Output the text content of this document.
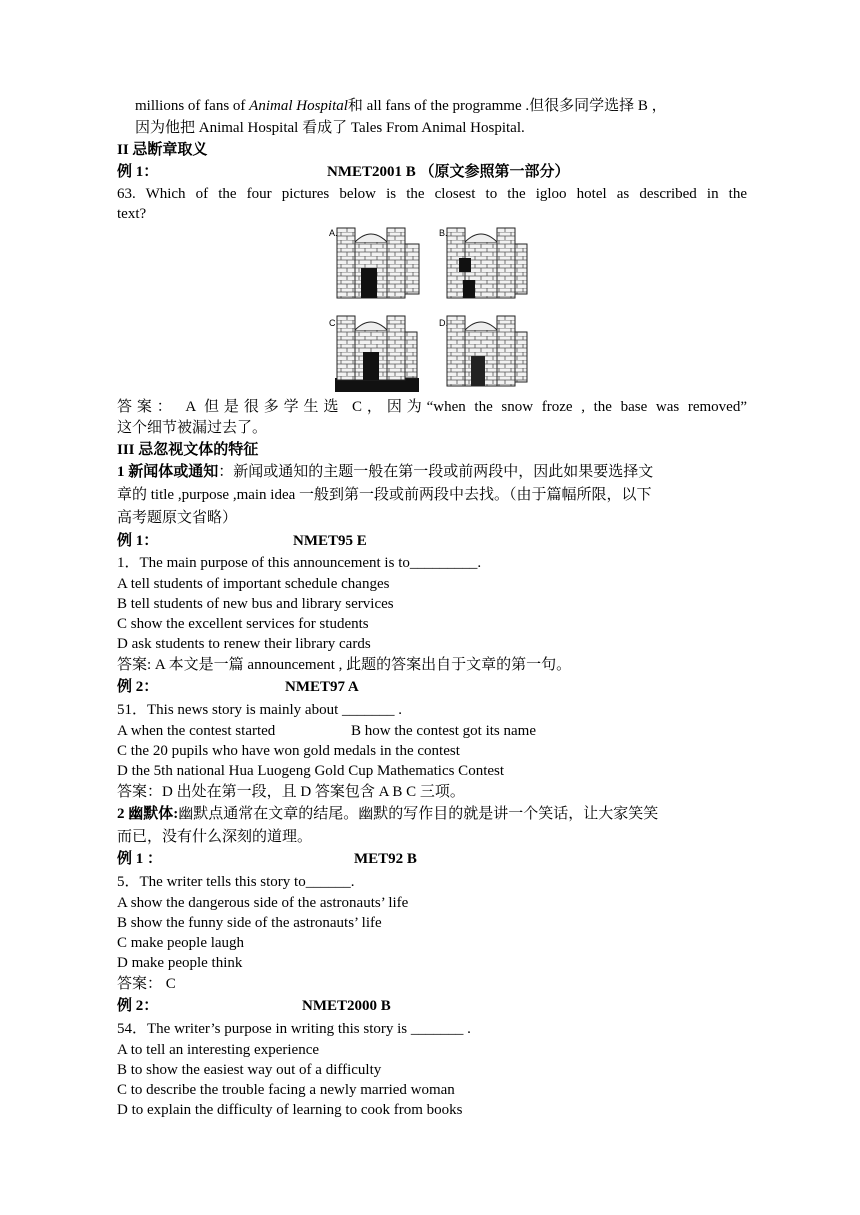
millions of fans of Animal Hospital和 all fans of the programme .但很多同学选择 B ，
因为他把 Animal Hospital 看成了 Tales From Animal Hospital.
II 忌断章取义
例 1：	NMET2001 B （原文参照第一部分）
63. Which of the four pictures below is the closest to the igloo hotel as described in the
text?
A.	B.
C	D.
答案： A 但是很多学生选 C，因为“when the snow froze , the base was removed”
这个细节被漏过去了。
III 忌忽视文体的特征
1 新闻体或通知：新闻或通知的主题一般在第一段或前两段中，因此如果要选择文
章的 title ,purpose ,main idea 一般到第一段或前两段中去找。（由于篇幅所限，以下
高考题原文省略）
例 1：	NMET95 E
1．The main purpose of this announcement is to_________.
A tell students of important schedule changes
B tell students of new bus and library services
C show the excellent services for students
D ask students to renew their library cards
答案: A 本文是一篇 announcement , 此题的答案出自于文章的第一句。
例 2：	NMET97 A
51．This news story is mainly about _______ .
A when the contest started	B how the contest got its name
C the 20 pupils who have won gold medals in the contest
D the 5th national Hua Luogeng Gold Cup Mathematics Contest
答案：D 出处在第一段，且 D 答案包含 A B C 三项。
2 幽默体:幽默点通常在文章的结尾。幽默的写作目的就是讲一个笑话，让大家笑笑
而已，没有什么深刻的道理。
例 1 ：	MET92 B
5．The writer tells this story to______.
A show the dangerous side of the astronauts’ life
B show the funny side of the astronauts’ life
C make people laugh
D make people think
答案： C
例 2：	NMET2000 B
54．The writer’s purpose in writing this story is _______ .
A to tell an interesting experience
B to show the easiest way out of a difficulty
C to describe the trouble facing a newly married woman
D to explain the difficulty of learning to cook from books
